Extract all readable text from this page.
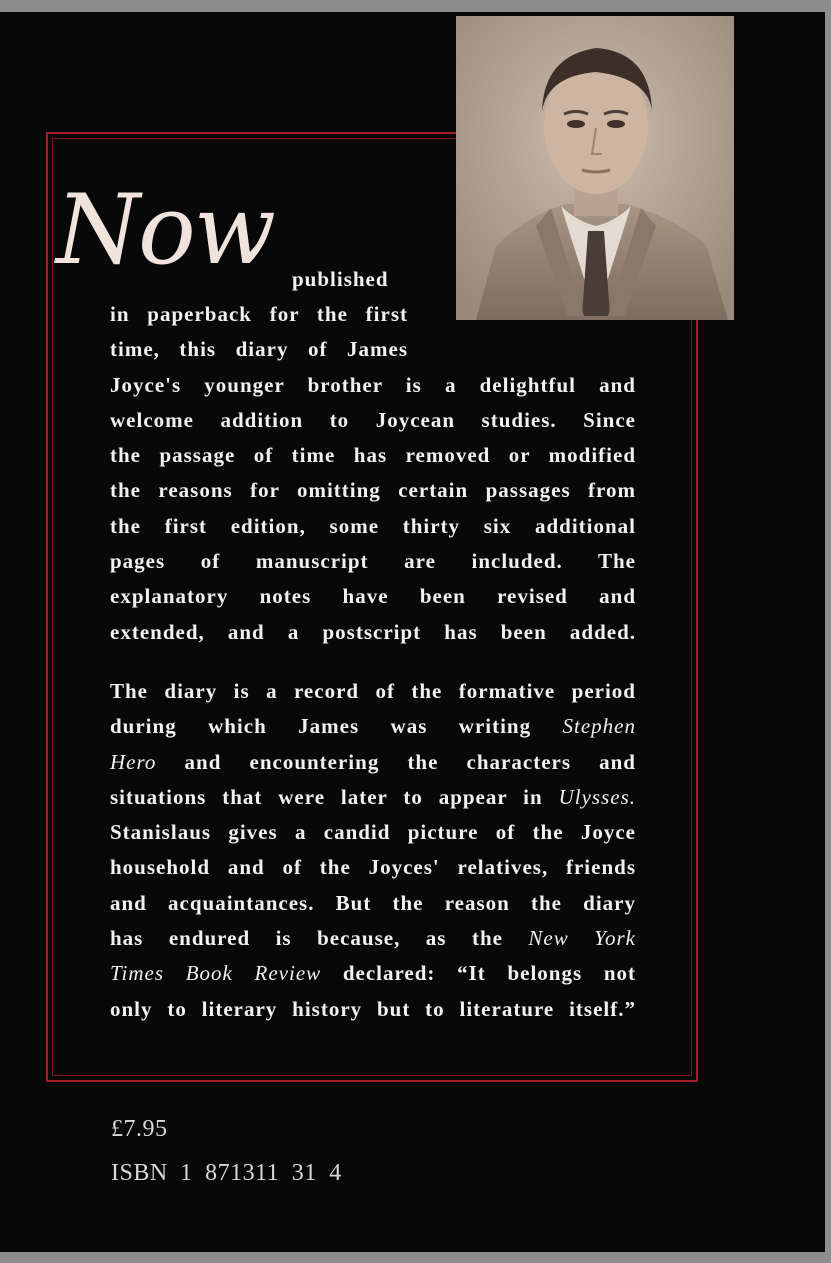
Now published

in paperback for the first
time, this diary of James
Joyce's younger brother is a delightful and
welcome addition to Joycean studies. Since
the passage of time has removed or modified
the reasons for omitting certain passages from
the first edition, some thirty six additional
pages of manuscript are included. The
explanatory notes have been revised and
extended, and a postscript has been added.

The diary is a record of the formative period
during which James was writing Stephen
Hero and encountering the characters and
situations that were later to appear in Ulysses.
Stanislaus gives a candid picture of the Joyce
household and of the Joyces' relatives, friends
and acquaintances. But the reason the diary
has endured is because, as the New York
Times Book Review declared: “It belongs not
only to literary history but to literature itself.”

£7.95
ISBN 1 871311 31 4
